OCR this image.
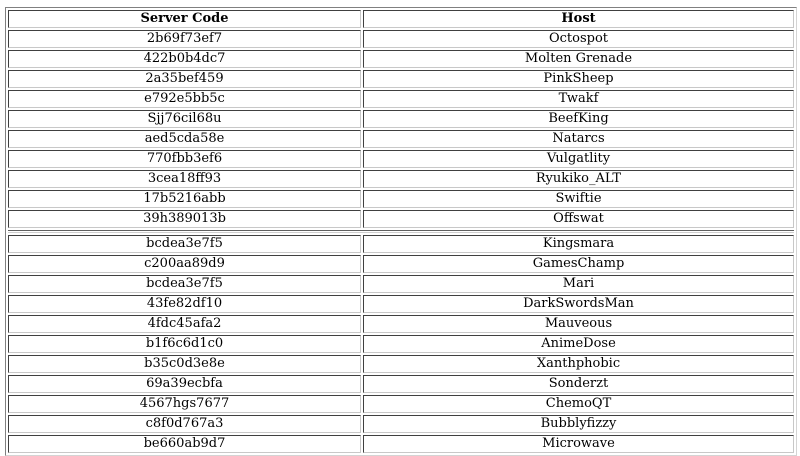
Server Code	Host
2b69f73ef7	Octospot
422b0b4dc7	Molten Grenade
2a35bef459	PinkSheep
e792e5bb5c	Twakf
Sjj76cil68u	BeefKing
aed5cda58e	Natarcs
770fbb3ef6	Vulgatlity
3cea18ff93	Ryukiko_ALT
17b5216abb	Swiftie
39h389013b	Offswat

bcdea3e7f5	Kingsmara
c200aa89d9	GamesChamp
bcdea3e7f5	Mari
43fe82df10	DarkSwordsMan
4fdc45afa2	Mauveous
b1f6c6d1c0	AnimeDose
b35c0d3e8e	Xanthphobic
69a39ecbfa	Sonderzt
4567hgs7677	ChemoQT
c8f0d767a3	Bubblyfizzy
be660ab9d7	Microwave
